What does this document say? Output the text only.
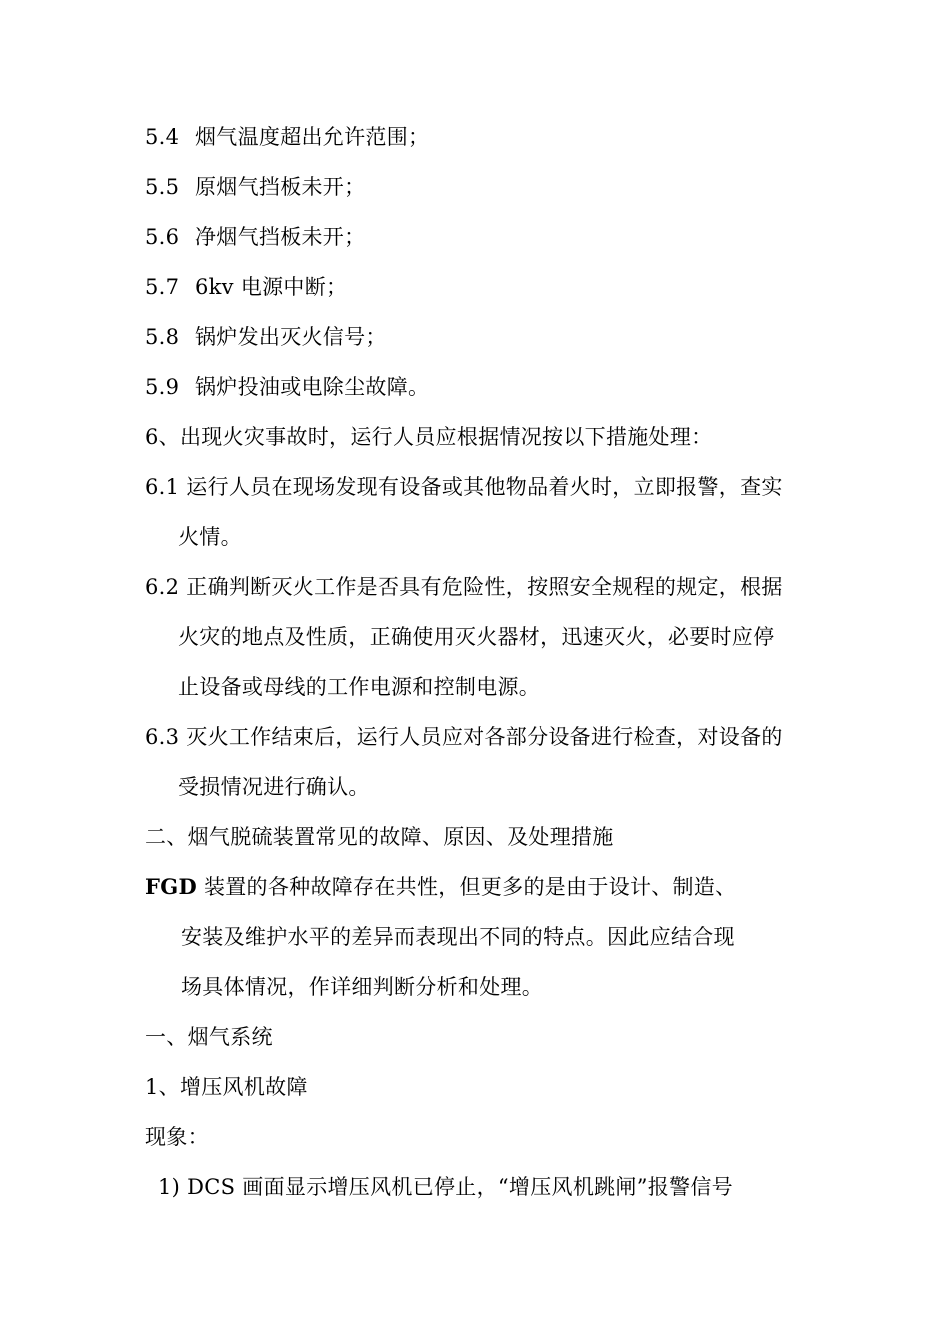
5.4 烟气温度超出允许范围；
5.5 原烟气挡板未开；
5.6 净烟气挡板未开；
5.7 6kv 电源中断；
5.8 锅炉发出灭火信号；
5.9 锅炉投油或电除尘故障。
6、出现火灾事故时，运行人员应根据情况按以下措施处理：
6.1 运行人员在现场发现有设备或其他物品着火时，立即报警，查实
火情。
6.2 正确判断灭火工作是否具有危险性，按照安全规程的规定，根据
火灾的地点及性质，正确使用灭火器材，迅速灭火，必要时应停
止设备或母线的工作电源和控制电源。
6.3 灭火工作结束后，运行人员应对各部分设备进行检查，对设备的
受损情况进行确认。
二、烟气脱硫装置常见的故障、原因、及处理措施
FGD 装置的各种故障存在共性，但更多的是由于设计、制造、
安装及维护水平的差异而表现出不同的特点。因此应结合现
场具体情况，作详细判断分析和处理。
一、烟气系统
1、增压风机故障
现象：
1) DCS 画面显示增压风机已停止，“增压风机跳闸”报警信号
